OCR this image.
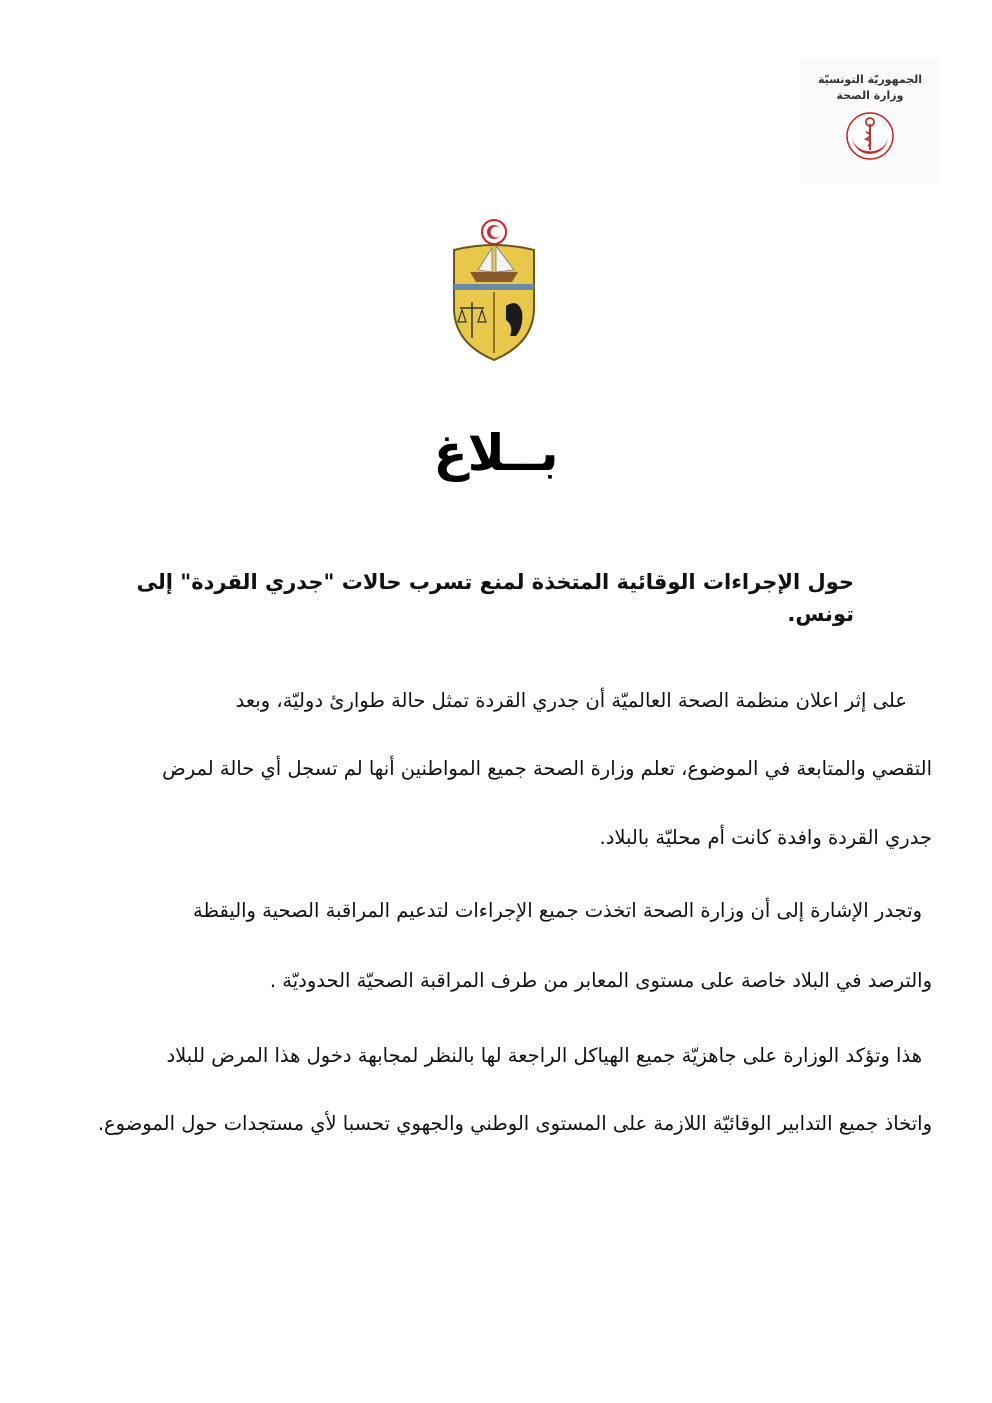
الجمهوريّة التونسيّة
وزارة الصحة
بــلاغ
حول الإجراءات الوقائية المتخذة لمنع تسرب حالات "جدري القردة" إلى تونس.
على إثر اعلان منظمة الصحة العالميّة أن جدري القردة تمثل حالة طوارئ دوليّة، وبعد
التقصي والمتابعة في الموضوع، تعلم وزارة الصحة جميع المواطنين أنها لم تسجل أي حالة لمرض
جدري القردة وافدة كانت أم محليّة بالبلاد.
وتجدر الإشارة إلى أن وزارة الصحة اتخذت جميع الإجراءات لتدعيم المراقبة الصحية واليقظة
والترصد في البلاد خاصة على مستوى المعابر من طرف المراقبة الصحيّة الحدوديّة .
هذا وتؤكد الوزارة على جاهزيّة جميع الهياكل الراجعة لها بالنظر لمجابهة دخول هذا المرض للبلاد
واتخاذ جميع التدابير الوقائيّة اللازمة على المستوى الوطني والجهوي تحسبا لأي مستجدات حول الموضوع.
